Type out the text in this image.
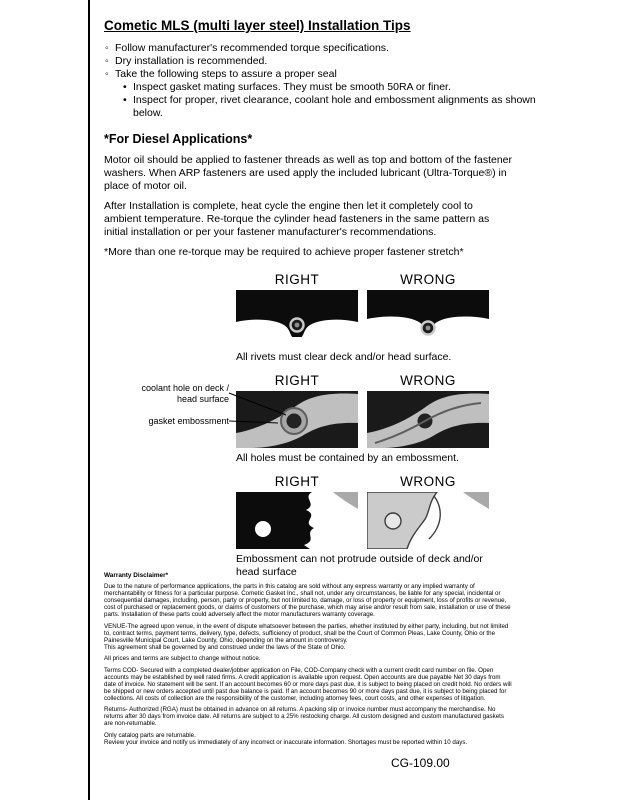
Cometic MLS (multi layer steel) Installation Tips
◦ Follow manufacturer's recommended torque specifications.
◦ Dry installation is recommended.
◦ Take the following steps to assure a proper seal
• Inspect gasket mating surfaces. They must be smooth 50RA or finer.
• Inspect for proper, rivet clearance, coolant hole and embossment alignments as shown below.
*For Diesel Applications*

Motor oil should be applied to fastener threads as well as top and bottom of the fastener washers. When ARP fasteners are used apply the included lubricant (Ultra-Torque®) in place of motor oil.

After Installation is complete, heat cycle the engine then let it completely cool to ambient temperature. Re-torque the cylinder head fasteners in the same pattern as initial installation or per your fastener manufacturer's recommendations.

*More than one re-torque may be required to achieve proper fastener stretch*

RIGHT	WRONG
All rivets must clear deck and/or head surface.
RIGHT	WRONG
coolant hole on deck / head surface
gasket embossment
All holes must be contained by an embossment.
RIGHT	WRONG
Embossment can not protrude outside of deck and/or head surface
Warranty Disclaimer*

Due to the nature of performance applications, the parts in this catalog are sold without any express warranty or any implied warranty of merchantability or fitness for a particular purpose. Cometic Gasket Inc., shall not, under any circumstances, be liable for any special, incidental or consequential damages, including, person, party or property, but not limited to, damage, or loss of property or equipment, loss of profits or revenue, cost of purchased or replacement goods, or claims of customers of the purchase, which may arise and/or result from sale, installation or use of these parts. Installation of these parts could adversely affect the motor manufacturers warranty coverage.

VENUE-The agreed upon venue, in the event of dispute whatsoever between the parties, whether instituted by either party, including, but not limited to, contract terms, payment terms, delivery, type, defects, sufficiency of product, shall be the Court of Common Pleas, Lake County, Ohio or the Painesville Municipal Court, Lake County, Ohio, depending on the amount in controversy.

This agreement shall be governed by and construed under the laws of the State of Ohio.

All prices and terms are subject to change without notice.

Terms COD- Secured with a completed dealer/jobber application on File, COD-Company check with a current credit card number on file. Open accounts may be established by well rated firms. A credit application is available upon request. Open accounts are due payable Net 30 days from date of invoice. No statement will be sent. If an account becomes 60 or more days past due, it is subject to being placed on credit hold. No orders will be shipped or new orders accepted until past due balance is paid. If an account becomes 90 or more days past due, it is subject to being placed for collections. All costs of collection are the responsibility of the customer, including attorney fees, court costs, and other expenses of litigation.

Returns- Authorized (RGA) must be obtained in advance on all returns. A packing slip or invoice number must accompany the merchandise. No returns after 30 days from invoice date. All returns are subject to a 25% restocking charge. All custom designed and custom manufactured gaskets are non-returnable.

Only catalog parts are returnable.

Review your invoice and notify us immediately of any incorrect or inaccurate information. Shortages must be reported within 10 days.

CG-109.00
